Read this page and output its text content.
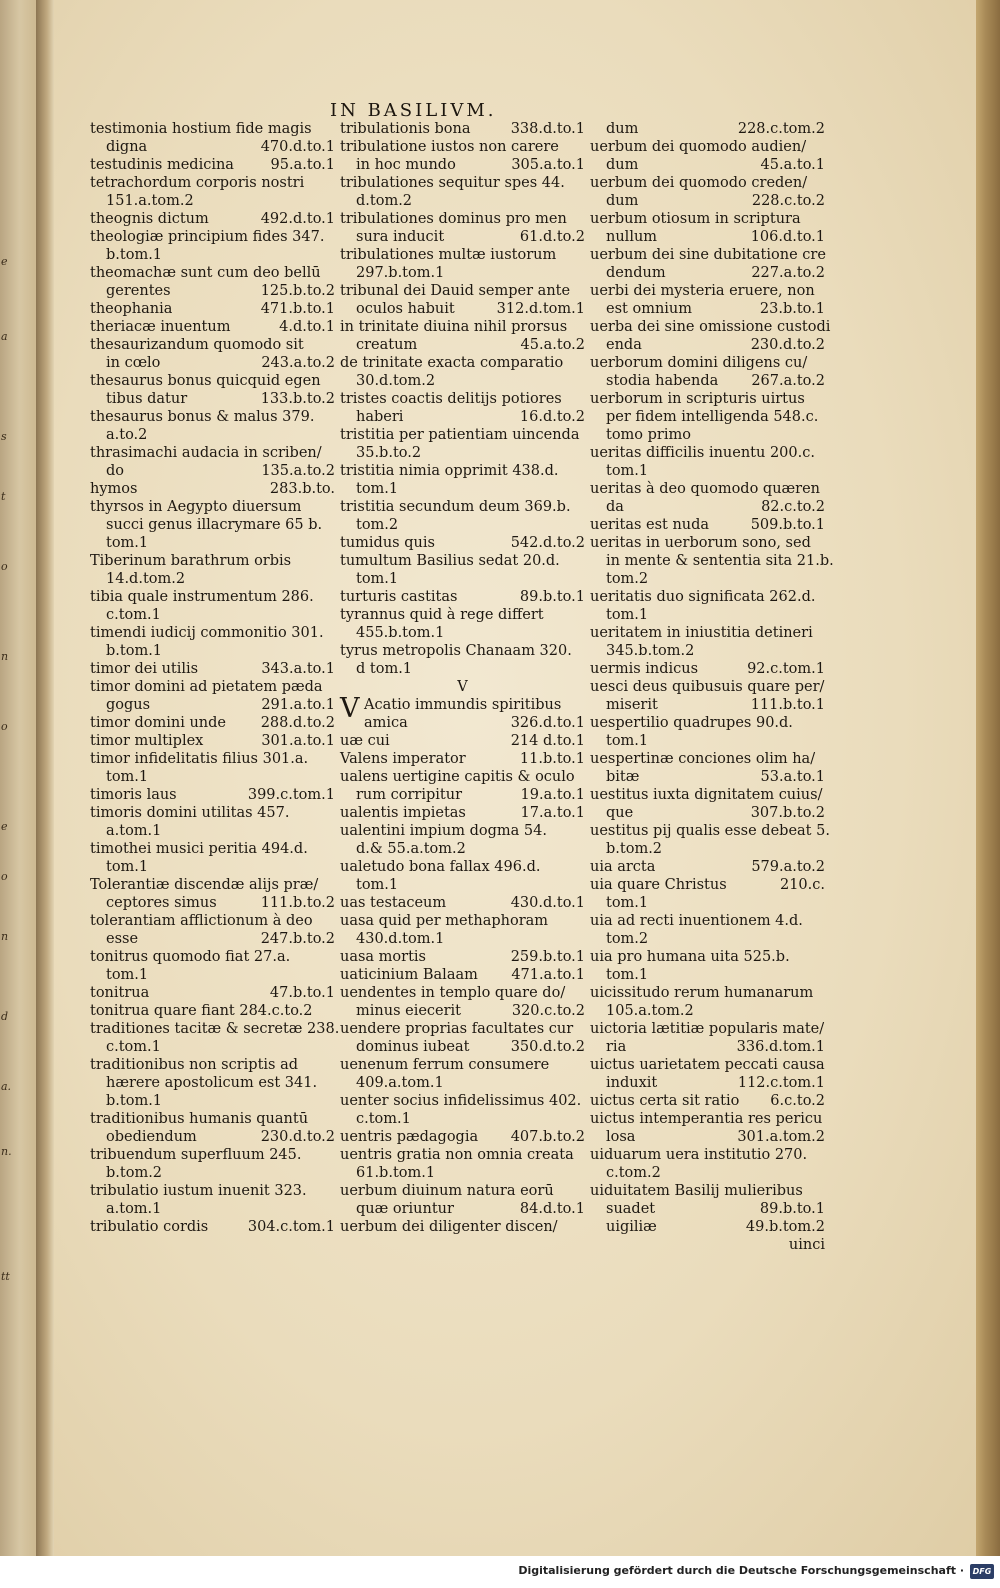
e
a
s
t
o
n
o
e
o
n
d
a.
n.
tt
IN BASILIVM.
testimonia hostium fide magis
digna	470.d.to.1
testudinis medicina	95.a.to.1
tetrachordum corporis nostri
151.a.tom.2
theognis dictum	492.d.to.1
theologiæ principium fides 347.
b.tom.1
theomachæ sunt cum deo bellū
gerentes	125.b.to.2
theophania	471.b.to.1
theriacæ inuentum	4.d.to.1
thesaurizandum quomodo sit
in cœlo	243.a.to.2
thesaurus bonus quicquid egen
tibus datur	133.b.to.2
thesaurus bonus & malus 379.
a.to.2
thrasimachi audacia in scriben/
do	135.a.to.2
hymos	283.b.to.
thyrsos in Aegypto diuersum
succi genus illacrymare 65 b.
tom.1
Tiberinum barathrum orbis
14.d.tom.2
tibia quale instrumentum 286.
c.tom.1
timendi iudicij commonitio 301.
b.tom.1
timor dei utilis	343.a.to.1
timor domini ad pietatem pæda
gogus	291.a.to.1
timor domini unde 288.d.to.2
timor multiplex	301.a.to.1
timor infidelitatis filius 301.a.
tom.1
timoris laus	399.c.tom.1
timoris domini utilitas 457.
a.tom.1
timothei musici peritia 494.d.
tom.1
Tolerantiæ discendæ alijs præ/
ceptores simus	111.b.to.2
tolerantiam afflictionum à deo
esse	247.b.to.2
tonitrus quomodo fiat 27.a.
tom.1
tonitrua	47.b.to.1
tonitrua quare fiant 284.c.to.2
traditiones tacitæ & secretæ 238.
c.tom.1
traditionibus non scriptis ad
hærere apostolicum est 341.
b.tom.1
traditionibus humanis quantū
obediendum	230.d.to.2
tribuendum superfluum 245.
b.tom.2
tribulatio iustum inuenit 323.
a.tom.1
tribulatio cordis	304.c.tom.1
tribulationis bona	338.d.to.1
tribulatione iustos non carere
in hoc mundo	305.a.to.1
tribulationes sequitur spes 44.
d.tom.2
tribulationes dominus pro men
sura inducit	61.d.to.2
tribulationes multæ iustorum
297.b.tom.1
tribunal dei Dauid semper ante
oculos habuit	312.d.tom.1
in trinitate diuina nihil prorsus
creatum	45.a.to.2
de trinitate exacta comparatio
30.d.tom.2
tristes coactis delitijs potiores
haberi	16.d.to.2
tristitia per patientiam uincenda
35.b.to.2
tristitia nimia opprimit 438.d.
tom.1
tristitia secundum deum 369.b.
tom.2
tumidus quis	542.d.to.2
tumultum Basilius sedat 20.d.
tom.1
turturis castitas	89.b.to.1
tyrannus quid à rege differt
455.b.tom.1
tyrus metropolis Chanaam 320.
d tom.1
V
V Acatio immundis spiritibus
amica	326.d.to.1
uæ cui	214 d.to.1
Valens imperator	11.b.to.1
ualens uertigine capitis & oculo
rum corripitur	19.a.to.1
ualentis impietas	17.a.to.1
ualentini impium dogma 54.
d.& 55.a.tom.2
ualetudo bona fallax 496.d.
tom.1
uas testaceum	430.d.to.1
uasa quid per methaphoram
430.d.tom.1
uasa mortis	259.b.to.1
uaticinium Balaam 471.a.to.1
uendentes in templo quare do/
minus eiecerit	320.c.to.2
uendere proprias facultates cur
dominus iubeat	350.d.to.2
uenenum ferrum consumere
409.a.tom.1
uenter socius infidelissimus 402.
c.tom.1
uentris pædagogia 407.b.to.2
uentris gratia non omnia creata
61.b.tom.1
uerbum diuinum natura eorū
quæ oriuntur	84.d.to.1
uerbum dei diligenter discen/
dum	228.c.tom.2
uerbum dei quomodo audien/
dum	45.a.to.1
uerbum dei quomodo creden/
dum	228.c.to.2
uerbum otiosum in scriptura
nullum	106.d.to.1
uerbum dei sine dubitatione cre
dendum	227.a.to.2
uerbi dei mysteria eruere, non
est omnium	23.b.to.1
uerba dei sine omissione custodi
enda	230.d.to.2
uerborum domini diligens cu/
stodia habenda 267.a.to.2
uerborum in scripturis uirtus
per fidem intelligenda 548.c.
tomo primo
ueritas difficilis inuentu 200.c.
tom.1
ueritas à deo quomodo quæren
da	82.c.to.2
ueritas est nuda	509.b.to.1
ueritas in uerborum sono, sed
in mente & sententia sita 21.b.
tom.2
ueritatis duo significata 262.d.
tom.1
ueritatem in iniustitia detineri
345.b.tom.2
uermis indicus	92.c.tom.1
uesci deus quibusuis quare per/
miserit	111.b.to.1
uespertilio quadrupes 90.d.
tom.1
uespertinæ conciones olim ha/
bitæ	53.a.to.1
uestitus iuxta dignitatem cuius/
que	307.b.to.2
uestitus pij qualis esse debeat 5.
b.tom.2
uia arcta	579.a.to.2
uia quare Christus	210.c.
tom.1
uia ad recti inuentionem 4.d.
tom.2
uia pro humana uita 525.b.
tom.1
uicissitudo rerum humanarum
105.a.tom.2
uictoria lætitiæ popularis mate/
ria	336.d.tom.1
uictus uarietatem peccati causa
induxit	112.c.tom.1
uictus certa sit ratio 6.c.to.2
uictus intemperantia res pericu
losa	301.a.tom.2
uiduarum uera institutio 270.
c.tom.2
uiduitatem Basilij mulieribus
suadet	89.b.to.1
uigiliæ	49.b.tom.2
uinci
Digitalisierung gefördert durch die Deutsche Forschungsgemeinschaft ·	DFG
